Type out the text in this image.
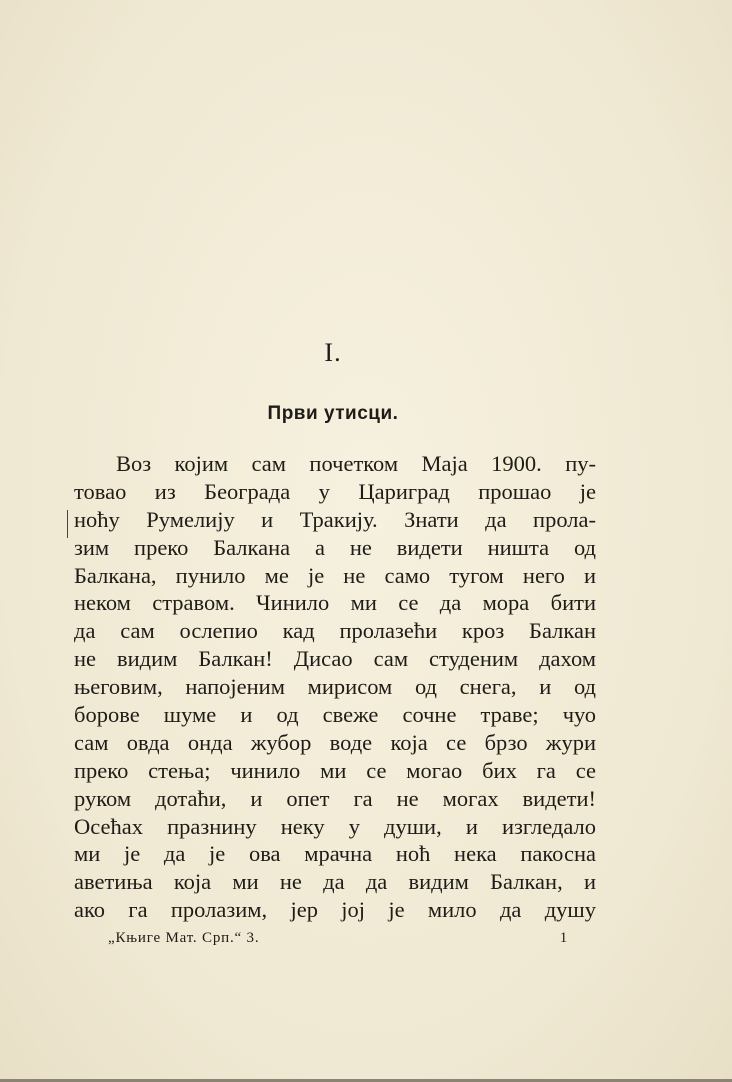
I.
Први утисци.
Воз којим сам почетком Маја 1900. пу-
товао из Београда у Цариград прошао је
ноћу Румелију и Тракију. Знати да прола-
зим преко Балкана а не видети ништа од
Балкана, пунило ме је не само тугом него и
неком стравом. Чинило ми се да мора бити
да сам ослепио кад пролазећи кроз Балкан
не видим Балкан! Дисао сам студеним дахом
његовим, напојеним мирисом од снега, и од
борове шуме и од свеже сочне траве; чуо
сам овда онда жубор воде која се брзо жури
преко стења; чинило ми се могао бих га се
руком дотаћи, и опет га не могах видети!
Осећах празнину неку у души, и изгледало
ми је да је ова мрачна ноћ нека пакосна
аветиња која ми не да да видим Балкан, и
ако га пролазим, јер јој је мило да душу
„Књиге Мат. Срп.“ 3.	1
